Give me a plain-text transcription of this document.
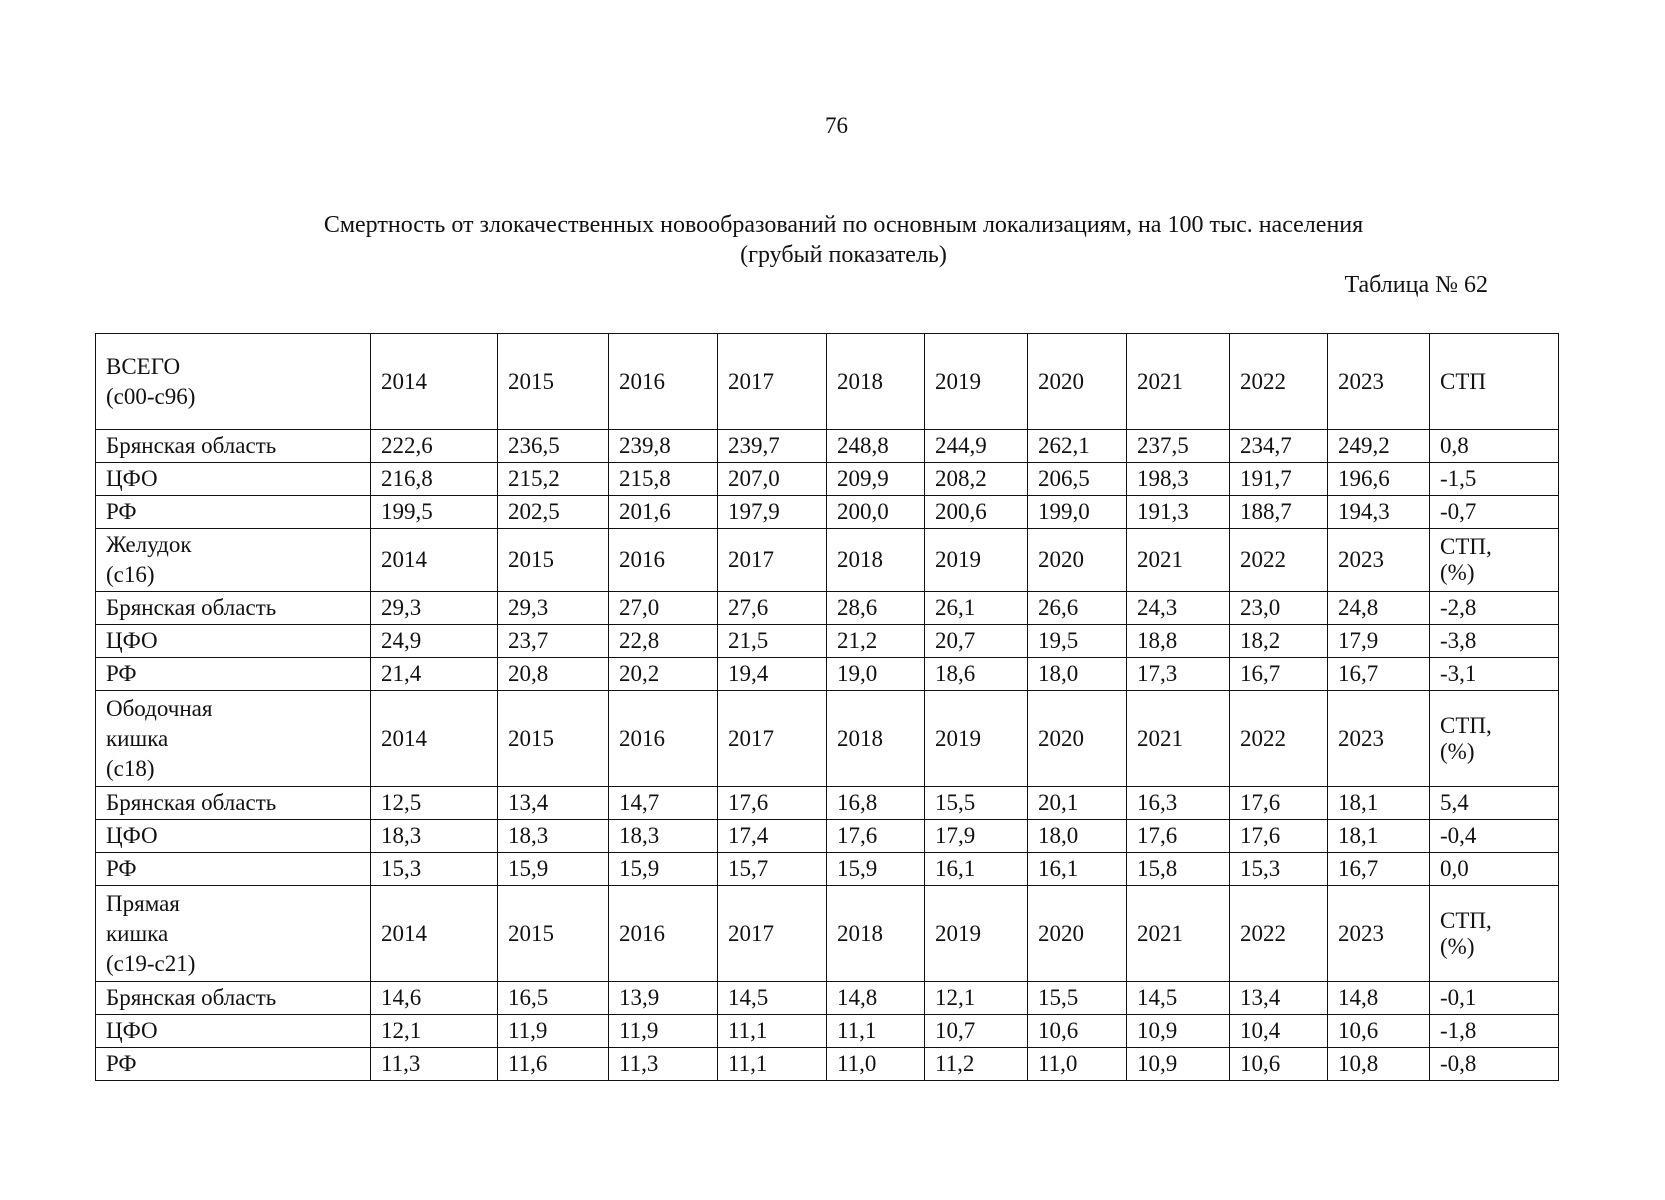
76
Смертность от злокачественных новообразований по основным локализациям, на 100 тыс. населения
(грубый показатель)
Таблица № 62
ВСЕГО
(с00-с96)	2014	2015	2016	2017	2018	2019	2020	2021	2022	2023	СТП

Брянская область	222,6	236,5	239,8	239,7	248,8	244,9	262,1	237,5	234,7	249,2	0,8
ЦФО	216,8	215,2	215,8	207,0	209,9	208,2	206,5	198,3	191,7	196,6	-1,5
РФ	199,5	202,5	201,6	197,9	200,0	200,6	199,0	191,3	188,7	194,3	-0,7

Желудок
(с16)	2014	2015	2016	2017	2018	2019	2020	2021	2022	2023	СТП,
(%)

Брянская область	29,3	29,3	27,0	27,6	28,6	26,1	26,6	24,3	23,0	24,8	-2,8
ЦФО	24,9	23,7	22,8	21,5	21,2	20,7	19,5	18,8	18,2	17,9	-3,8
РФ	21,4	20,8	20,2	19,4	19,0	18,6	18,0	17,3	16,7	16,7	-3,1

Ободочная
кишка
(с18)	2014	2015	2016	2017	2018	2019	2020	2021	2022	2023	СТП,
(%)

Брянская область	12,5	13,4	14,7	17,6	16,8	15,5	20,1	16,3	17,6	18,1	5,4
ЦФО	18,3	18,3	18,3	17,4	17,6	17,9	18,0	17,6	17,6	18,1	-0,4
РФ	15,3	15,9	15,9	15,7	15,9	16,1	16,1	15,8	15,3	16,7	0,0

Прямая
кишка
(с19-с21)	2014	2015	2016	2017	2018	2019	2020	2021	2022	2023	СТП,
(%)

Брянская область	14,6	16,5	13,9	14,5	14,8	12,1	15,5	14,5	13,4	14,8	-0,1
ЦФО	12,1	11,9	11,9	11,1	11,1	10,7	10,6	10,9	10,4	10,6	-1,8
РФ	11,3	11,6	11,3	11,1	11,0	11,2	11,0	10,9	10,6	10,8	-0,8
